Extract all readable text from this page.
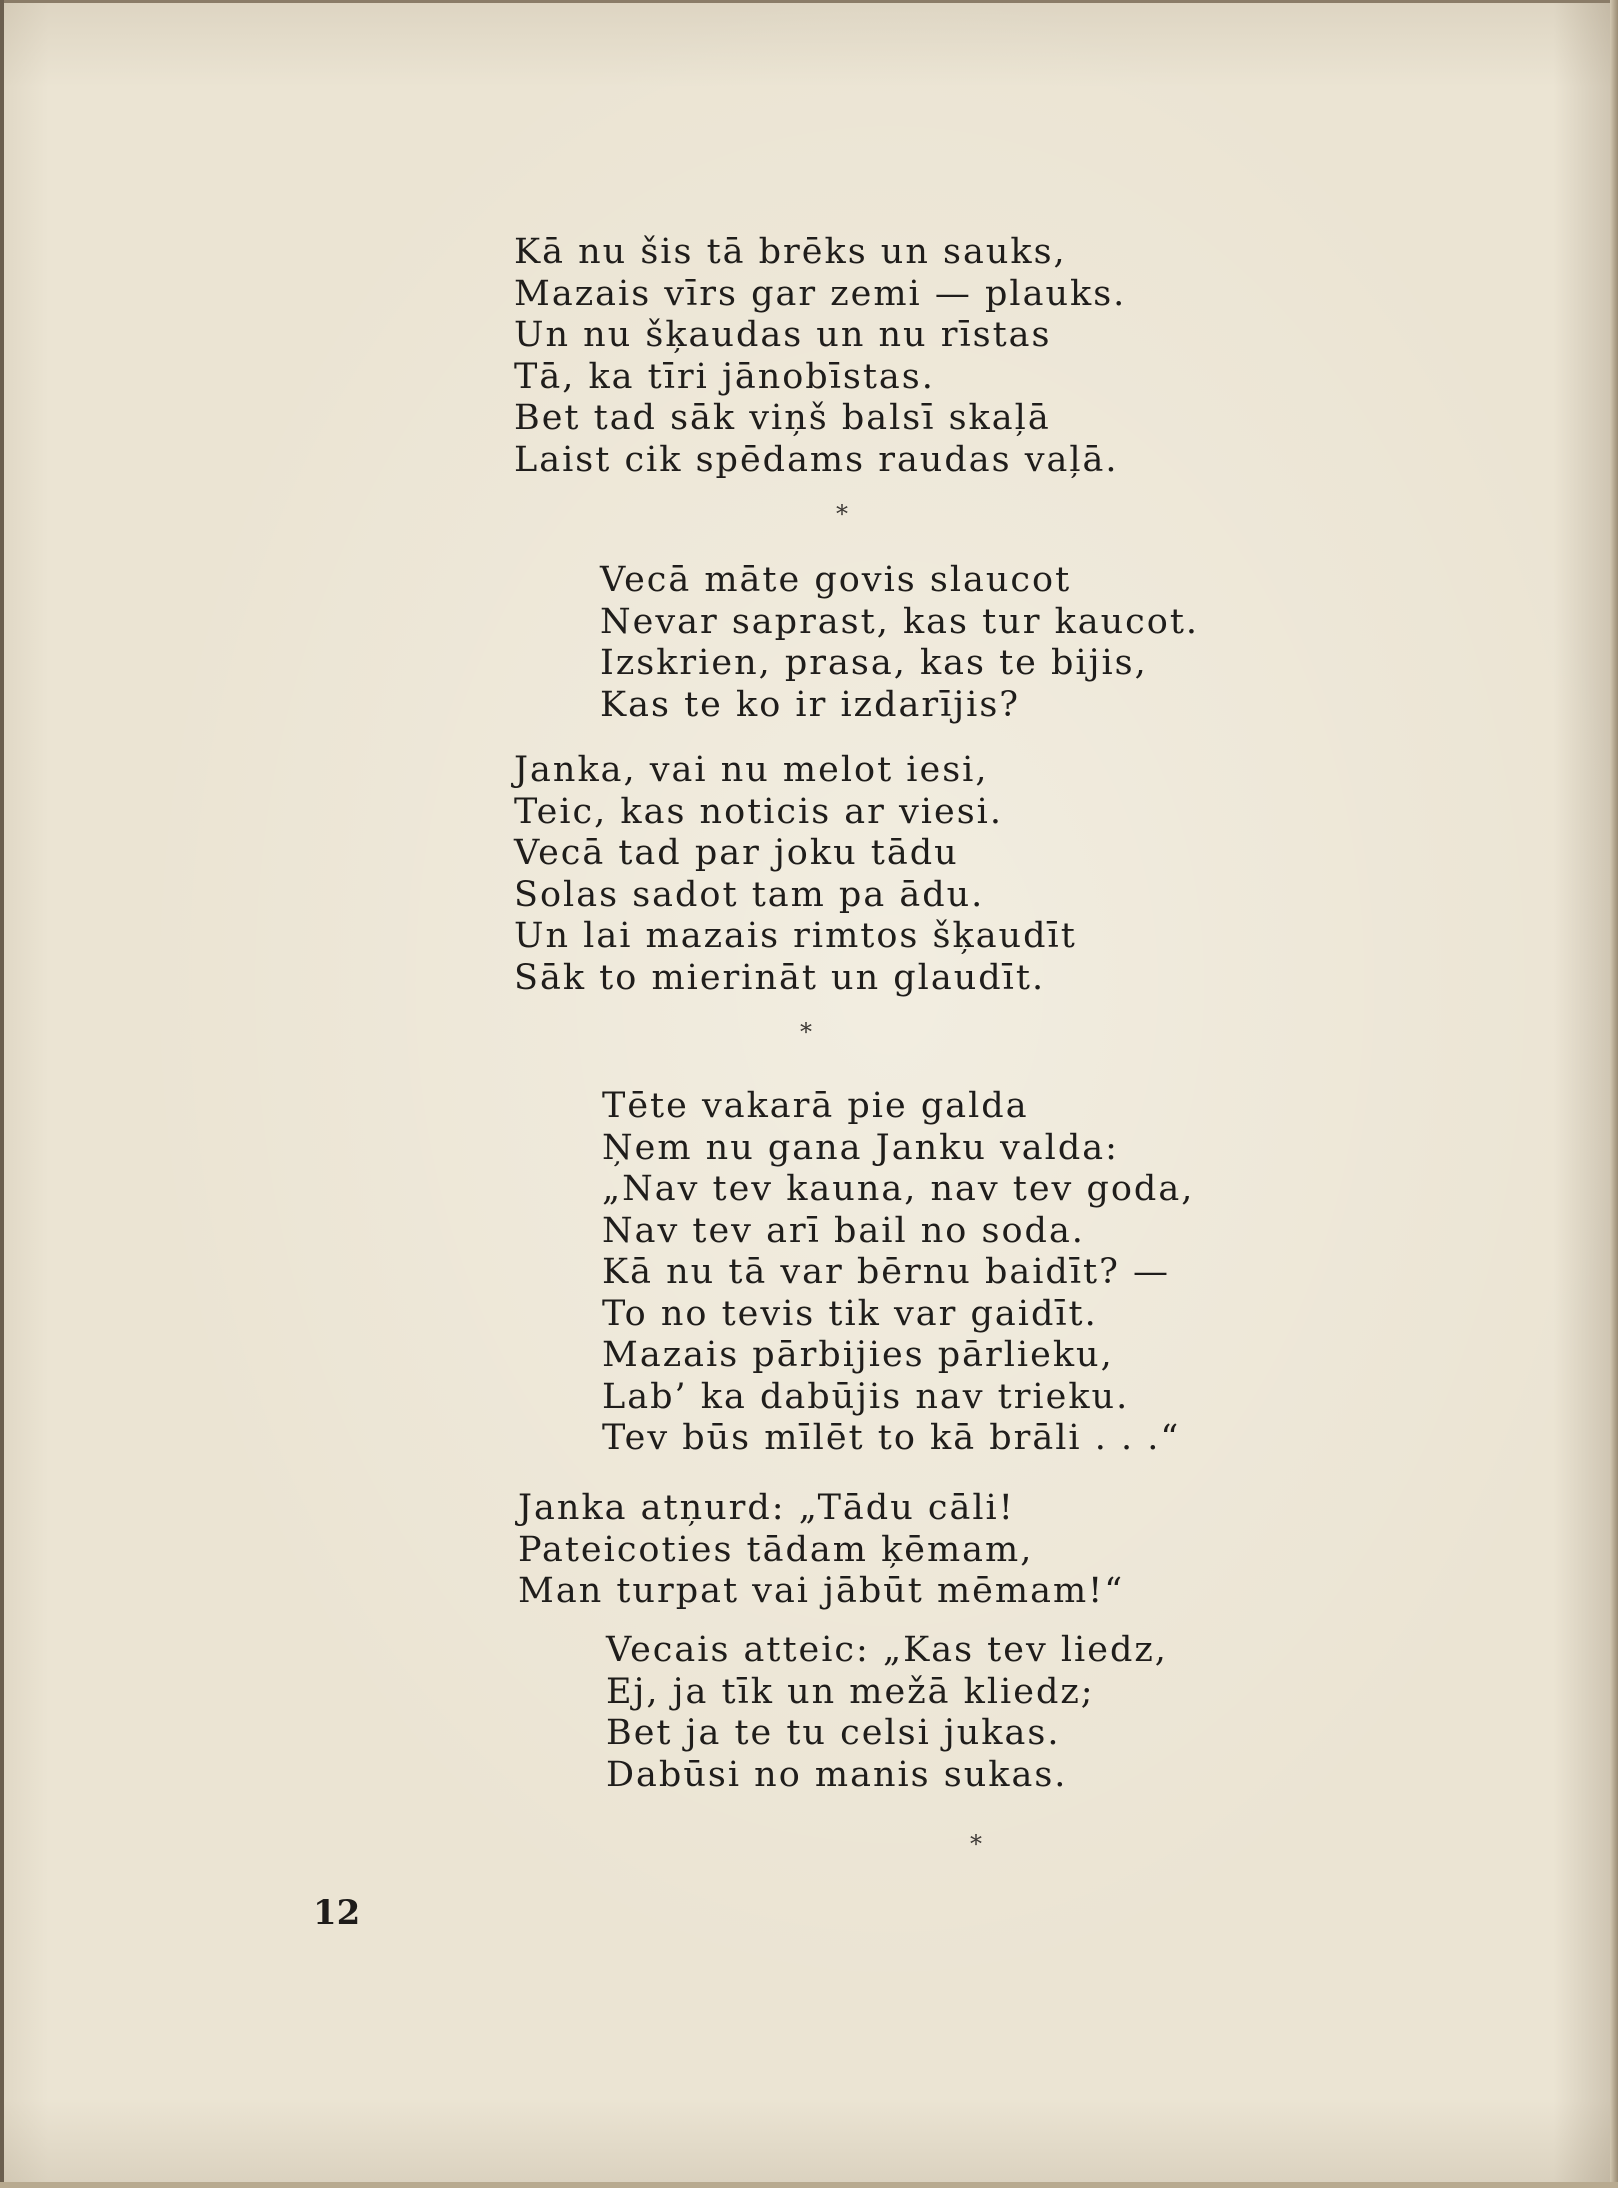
Kā nu šis tā brēks un sauks,
Mazais vīrs gar zemi — plauks.
Un nu šķaudas un nu rīstas
Tā, ka tīri jānobīstas.
Bet tad sāk viņš balsī skaļā
Laist cik spēdams raudas vaļā.
*
Vecā māte govis slaucot
Nevar saprast, kas tur kaucot.
Izskrien, prasa, kas te bijis,
Kas te ko ir izdarījis?
Janka, vai nu melot iesi,
Teic, kas noticis ar viesi.
Vecā tad par joku tādu
Solas sadot tam pa ādu.
Un lai mazais rimtos šķaudīt
Sāk to mierināt un glaudīt.
*
Tēte vakarā pie galda
Ņem nu gana Janku valda:
„Nav tev kauna, nav tev goda,
Nav tev arī bail no soda.
Kā nu tā var bērnu baidīt? —
To no tevis tik var gaidīt.
Mazais pārbijies pārlieku,
Lab’ ka dabūjis nav trieku.
Tev būs mīlēt to kā brāli . . .“
Janka atņurd: „Tādu cāli!
Pateicoties tādam ķēmam,
Man turpat vai jābūt mēmam!“
Vecais atteic: „Kas tev liedz,
Ej, ja tīk un mežā kliedz;
Bet ja te tu celsi jukas.
Dabūsi no manis sukas.
*
12
